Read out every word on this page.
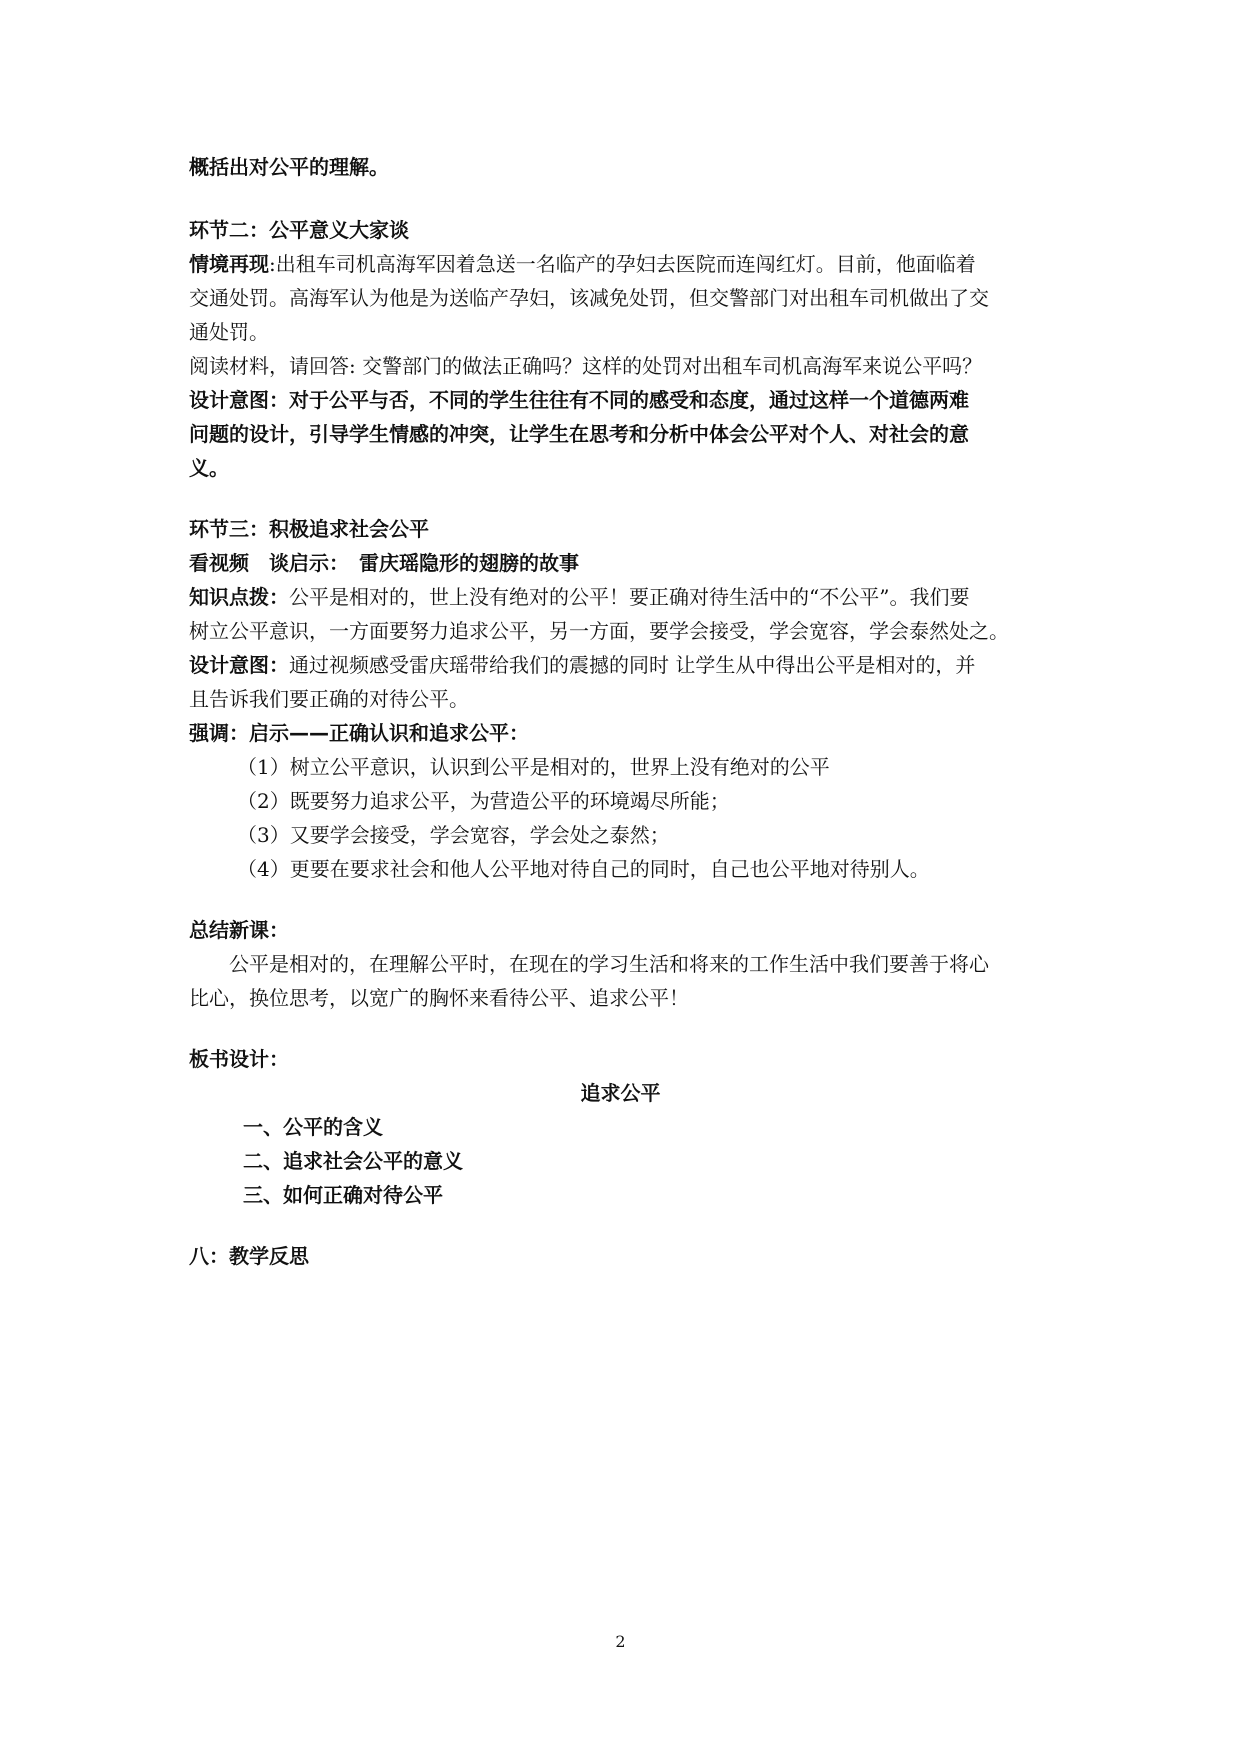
概括出对公平的理解。
环节二：公平意义大家谈
情境再现:出租车司机高海军因着急送一名临产的孕妇去医院而连闯红灯。目前，他面临着
交通处罚。高海军认为他是为送临产孕妇，该减免处罚，但交警部门对出租车司机做出了交
通处罚。
阅读材料，请回答: 交警部门的做法正确吗？这样的处罚对出租车司机高海军来说公平吗？
设计意图：对于公平与否，不同的学生往往有不同的感受和态度，通过这样一个道德两难
问题的设计，引导学生情感的冲突，让学生在思考和分析中体会公平对个人、对社会的意
义。
环节三：积极追求社会公平
看视频　谈启示：　雷庆瑶隐形的翅膀的故事
知识点拨：公平是相对的，世上没有绝对的公平！要正确对待生活中的“不公平”。我们要
树立公平意识，一方面要努力追求公平，另一方面，要学会接受，学会宽容，学会泰然处之。
设计意图：通过视频感受雷庆瑶带给我们的震撼的同时 让学生从中得出公平是相对的，并
且告诉我们要正确的对待公平。
强调：启示——正确认识和追求公平：
（1）树立公平意识，认识到公平是相对的，世界上没有绝对的公平
（2）既要努力追求公平，为营造公平的环境竭尽所能；
（3）又要学会接受，学会宽容，学会处之泰然；
（4）更要在要求社会和他人公平地对待自己的同时，自己也公平地对待别人。
总结新课：
　　公平是相对的，在理解公平时，在现在的学习生活和将来的工作生活中我们要善于将心
比心，换位思考，以宽广的胸怀来看待公平、追求公平！
板书设计：
追求公平
一、公平的含义
二、追求社会公平的意义
三、如何正确对待公平
八：教学反思
2
